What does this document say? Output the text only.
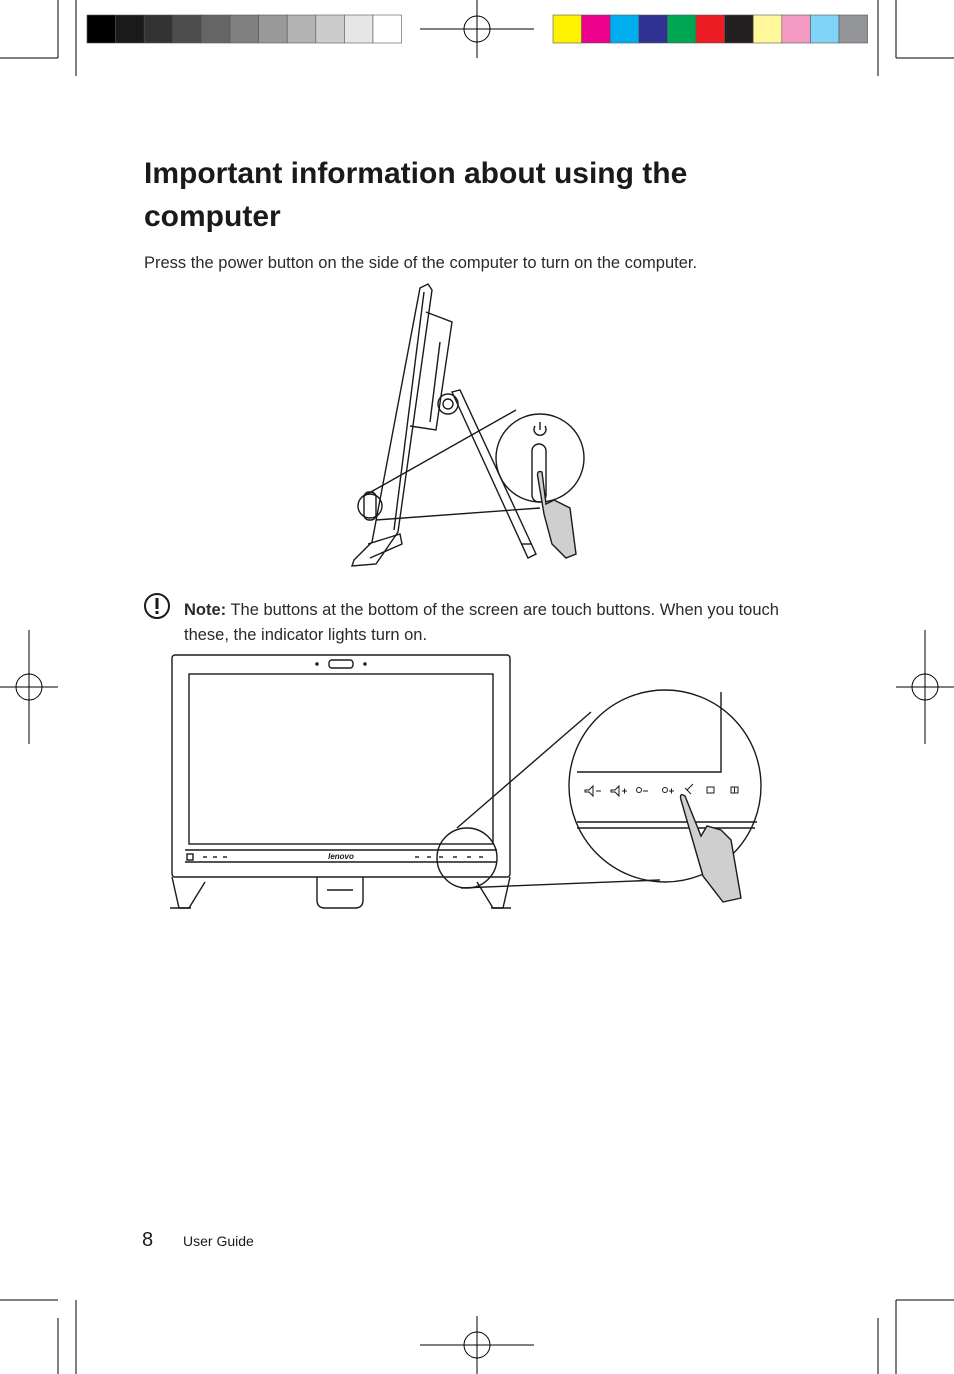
Important information about using the computer
Press the power button on the side of the computer to turn on the computer.
Note: The buttons at the bottom of the screen are touch buttons. When you touch these, the indicator lights turn on.
lenovo
8 User Guide
